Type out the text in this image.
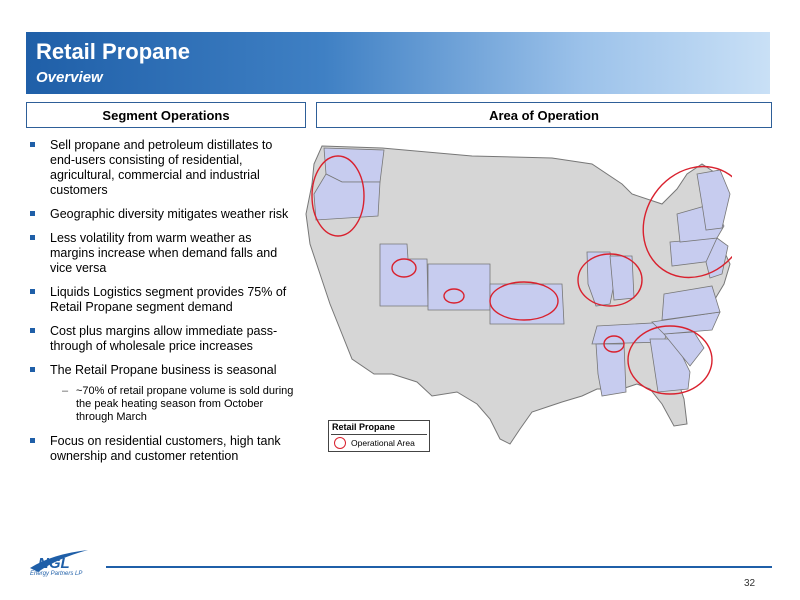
Retail Propane
Overview
Segment Operations	Area of Operation
Sell propane and petroleum distillates to end-users consisting of residential, agricultural, commercial and industrial customers
Geographic diversity mitigates weather risk
Less volatility from warm weather as margins increase when demand falls and vice versa
Liquids Logistics segment provides 75% of Retail Propane segment demand
Cost plus margins allow immediate pass-through of wholesale price increases
The Retail Propane business is seasonal
– ~70% of retail propane volume is sold during the peak heating season from October through March
Focus on residential customers, high tank ownership and customer retention
Retail Propane
Operational Area
NGL
Energy Partners LP
32
